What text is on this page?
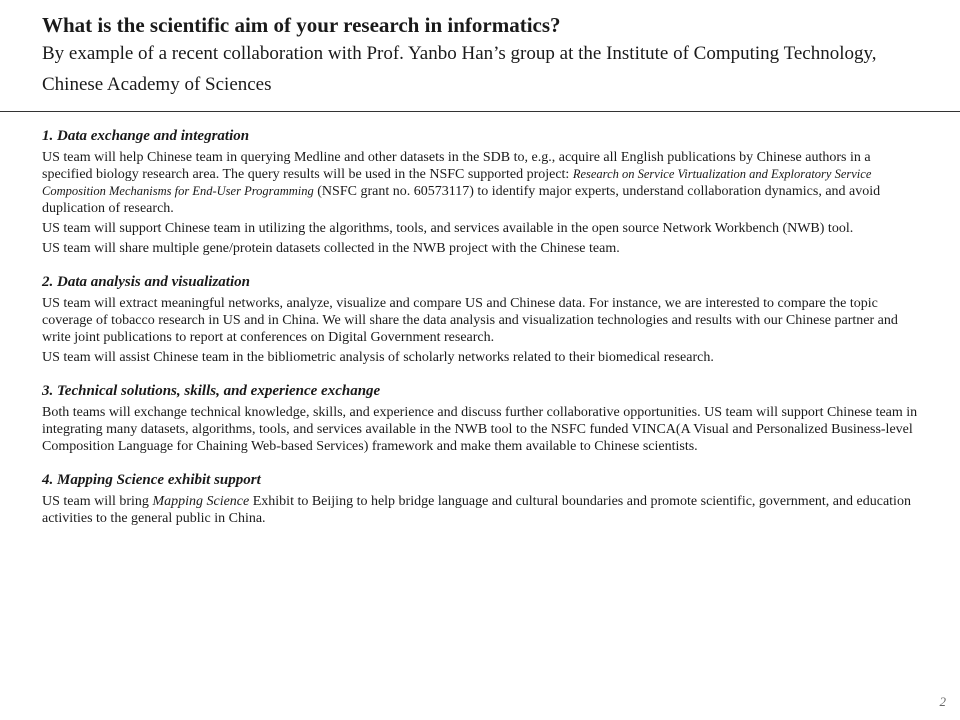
What is the scientific aim of your research in informatics?

By example of a recent collaboration with Prof. Yanbo Han’s group at the Institute of Computing Technology, Chinese Academy of Sciences

1. Data exchange and integration

US team will help Chinese team in querying Medline and other datasets in the SDB to, e.g., acquire all English publications by Chinese authors in a specified biology research area. The query results will be used in the NSFC supported project: Research on Service Virtualization and Exploratory Service Composition Mechanisms for End-User Programming (NSFC grant no. 60573117) to identify major experts, understand collaboration dynamics, and avoid duplication of research.

US team will support Chinese team in utilizing the algorithms, tools, and services available in the open source Network Workbench (NWB) tool.

US team will share multiple gene/protein datasets collected in the NWB project with the Chinese team.

2. Data analysis and visualization

US team will extract meaningful networks, analyze, visualize and compare US and Chinese data. For instance, we are interested to compare the topic coverage of tobacco research in US and in China. We will share the data analysis and visualization technologies and results with our Chinese partner and write joint publications to report at conferences on Digital Government research.

US team will assist Chinese team in the bibliometric analysis of scholarly networks related to their biomedical research.

3. Technical solutions, skills, and experience exchange

Both teams will exchange technical knowledge, skills, and experience and discuss further collaborative opportunities. US team will support Chinese team in integrating many datasets, algorithms, tools, and services available in the NWB tool to the NSFC funded VINCA(A Visual and Personalized Business-level Composition Language for Chaining Web-based Services) framework and make them available to Chinese scientists.

4. Mapping Science exhibit support

US team will bring Mapping Science Exhibit to Beijing to help bridge language and cultural boundaries and promote scientific, government, and education activities to the general public in China.

2
